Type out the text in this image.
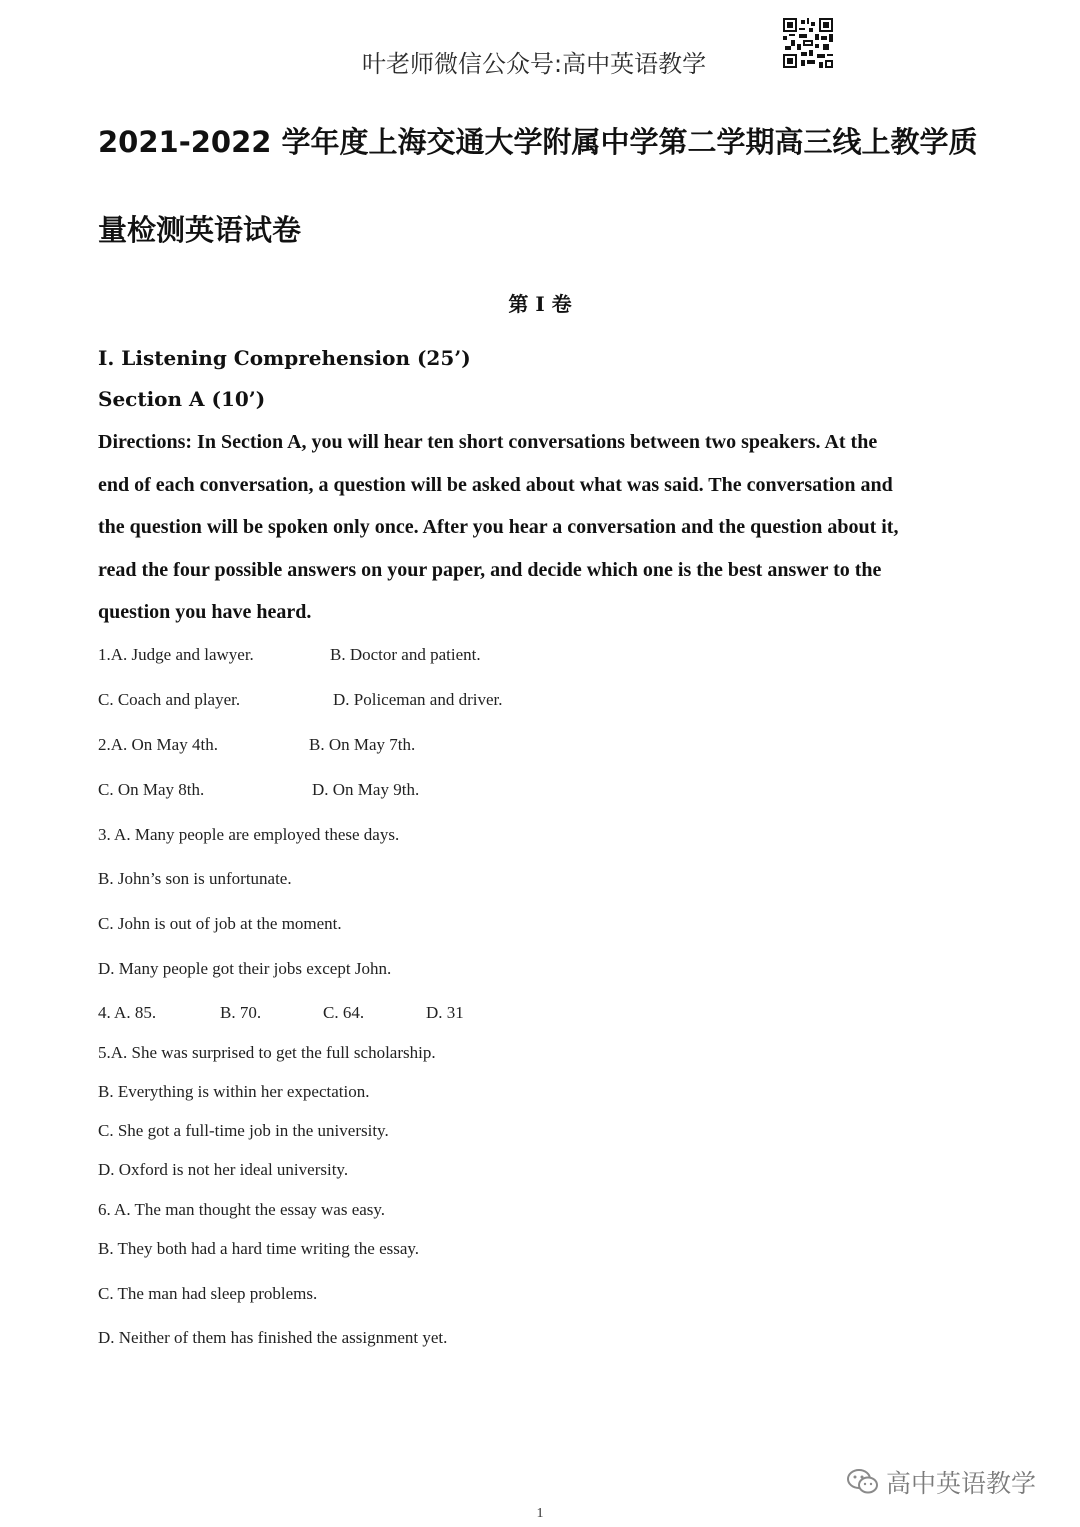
叶老师微信公众号:高中英语教学
2021-2022 学年度上海交通大学附属中学第二学期高三线上教学质
量检测英语试卷
第 I 卷
I. Listening Comprehension (25’)
Section A (10’)
Directions: In Section A, you will hear ten short conversations between two speakers. At the
end of each conversation, a question will be asked about what was said. The conversation and
the question will be spoken only once. After you hear a conversation and the question about it,
read the four possible answers on your paper, and decide which one is the best answer to the
question you have heard.
1.A. Judge and lawyer.	B. Doctor and patient.
C. Coach and player.	D. Policeman and driver.
2.A. On May 4th.	B. On May 7th.
C. On May 8th.	D. On May 9th.
3. A. Many people are employed these days.
B. John’s son is unfortunate.
C. John is out of job at the moment.
D. Many people got their jobs except John.
4. A. 85.	B. 70.	C. 64.	D. 31
5.A. She was surprised to get the full scholarship.
B. Everything is within her expectation.
C. She got a full-time job in the university.
D. Oxford is not her ideal university.
6. A. The man thought the essay was easy.
B. They both had a hard time writing the essay.
C. The man had sleep problems.
D. Neither of them has finished the assignment yet.
高中英语教学
1
